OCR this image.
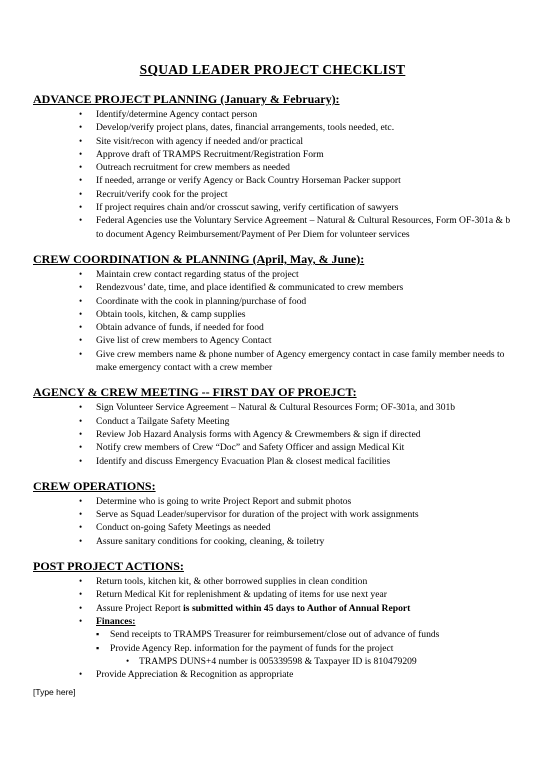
SQUAD LEADER PROJECT CHECKLIST
ADVANCE PROJECT PLANNING (January & February):
• Identify/determine Agency contact person
• Develop/verify project plans, dates, financial arrangements, tools needed, etc.
• Site visit/recon with agency if needed and/or practical
• Approve draft of TRAMPS Recruitment/Registration Form
• Outreach recruitment for crew members as needed
• If needed, arrange or verify Agency or Back Country Horseman Packer support
• Recruit/verify cook for the project
• If project requires chain and/or crosscut sawing, verify certification of sawyers
• Federal Agencies use the Voluntary Service Agreement – Natural & Cultural Resources, Form OF-301a & b to document Agency Reimbursement/Payment of Per Diem for volunteer services
CREW COORDINATION & PLANNING (April, May, & June):
• Maintain crew contact regarding status of the project
• Rendezvous’ date, time, and place identified & communicated to crew members
• Coordinate with the cook in planning/purchase of food
• Obtain tools, kitchen, & camp supplies
• Obtain advance of funds, if needed for food
• Give list of crew members to Agency Contact
• Give crew members name & phone number of Agency emergency contact in case family member needs to make emergency contact with a crew member
AGENCY & CREW MEETING -- FIRST DAY OF PROEJCT:
• Sign Volunteer Service Agreement – Natural & Cultural Resources Form; OF-301a, and 301b
• Conduct a Tailgate Safety Meeting
• Review Job Hazard Analysis forms with Agency & Crewmembers & sign if directed
• Notify crew members of Crew “Doc” and Safety Officer and assign Medical Kit
• Identify and discuss Emergency Evacuation Plan & closest medical facilities
CREW OPERATIONS:
• Determine who is going to write Project Report and submit photos
• Serve as Squad Leader/supervisor for duration of the project with work assignments
• Conduct on-going Safety Meetings as needed
• Assure sanitary conditions for cooking, cleaning, & toiletry
POST PROJECT ACTIONS:
• Return tools, kitchen kit, & other borrowed supplies in clean condition
• Return Medical Kit for replenishment & updating of items for use next year
• Assure Project Report is submitted within 45 days to Author of Annual Report
• Finances:
▪ Send receipts to TRAMPS Treasurer for reimbursement/close out of advance of funds
▪ Provide Agency Rep. information for the payment of funds for the project
• TRAMPS DUNS+4 number is 005339598 & Taxpayer ID is 810479209
• Provide Appreciation & Recognition as appropriate
[Type here]
